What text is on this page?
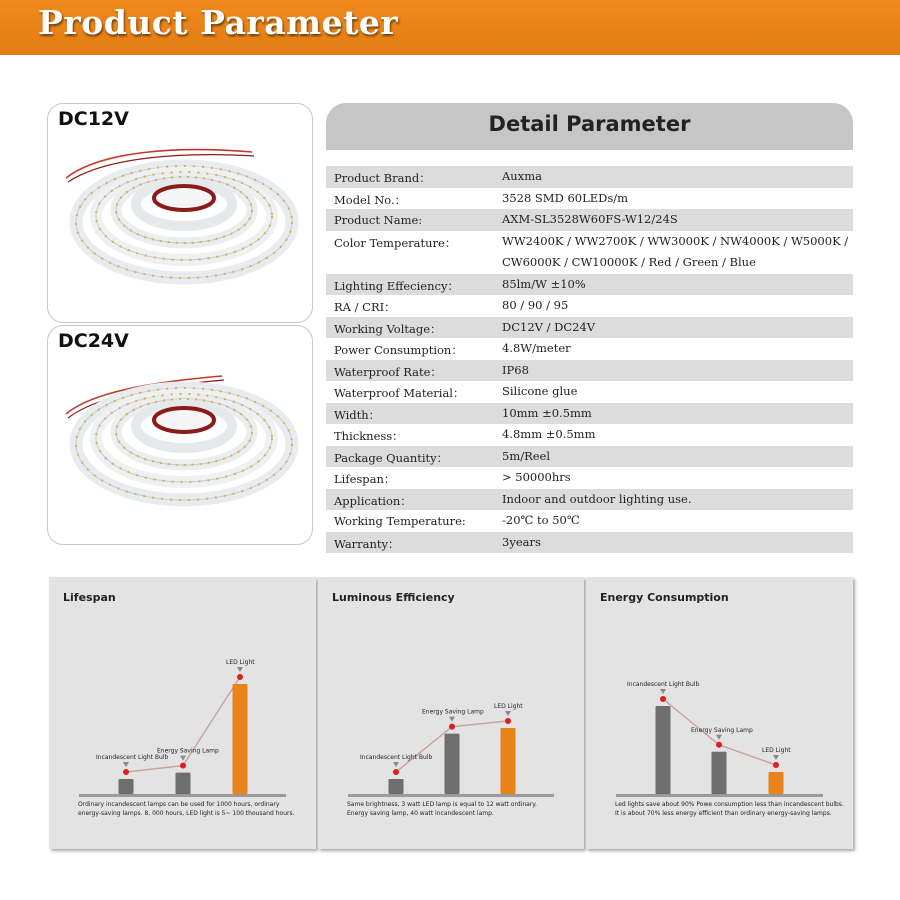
Product Parameter
DC12V
DC24V
Detail Parameter
Product Brand：	Auxma
Model No.：	3528 SMD 60LEDs/m
Product Name:	AXM-SL3528W60FS-W12/24S
Color Temperature：	WW2400K / WW2700K / WW3000K / NW4000K / W5000K /
CW6000K / CW10000K / Red / Green / Blue
Lighting Effeciency：	85lm/W ±10%
RA / CRI：	80 / 90 / 95
Working Voltage：	DC12V / DC24V
Power Consumption：	4.8W/meter
Waterproof Rate：	IP68
Waterproof Material：	Silicone glue
Width：	10mm ±0.5mm
Thickness：	4.8mm ±0.5mm
Package Quantity：	5m/Reel
Lifespan：	> 50000hrs
Application：	Indoor and outdoor lighting use.
Working Temperature:	-20℃ to 50℃
Warranty：	3years
Lifespan
Incandescent Light Bulb
Energy Saving Lamp
LED Light
Ordinary incandescent lamps can be used for 1000 hours, ordinary
energy-saving lamps. 8, 000 hours, LED light is 5~ 100 thousand hours.
Luminous Efficiency
Incandescent Light Bulb
Energy Saving Lamp
LED Light
Same brightness, 3 watt LED lamp is equal to 12 watt ordinary.
Energy saving lamp, 40 watt incandescent lamp.
Energy Consumption
Incandescent Light Bulb
Energy Saving Lamp
LED Light
Led lights save about 90% Powe consumption less than incandescent bulbs.
It is about 70% less energy efficient than ordinary energy-saving lamps.
